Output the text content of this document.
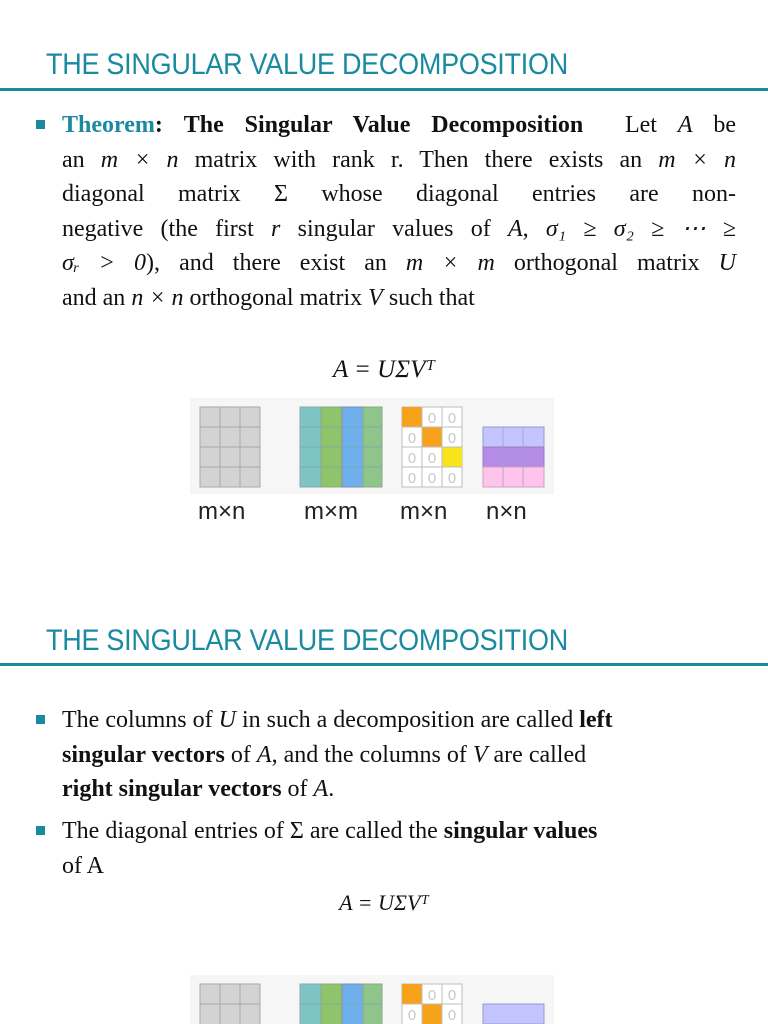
THE SINGULAR VALUE DECOMPOSITION
Theorem: The Singular Value Decomposition Let A be
an m × n matrix with rank r. Then there exists an m × n
diagonal matrix Σ whose diagonal entries are non-
negative (the first r singular values of A, σ₁ ≥ σ₂ ≥ ⋯ ≥
σᵣ > 0), and there exist an m × m orthogonal matrix U
and an n × n orthogonal matrix V such that
A = UΣVᵀ
0 0
0 0
0 0
0 0 0
m×n m×m m×n n×n
THE SINGULAR VALUE DECOMPOSITION
The columns of U in such a decomposition are called left
singular vectors of A, and the columns of V are called
right singular vectors of A.
The diagonal entries of Σ are called the singular values
of A
A = UΣVᵀ
0 0
0 0
